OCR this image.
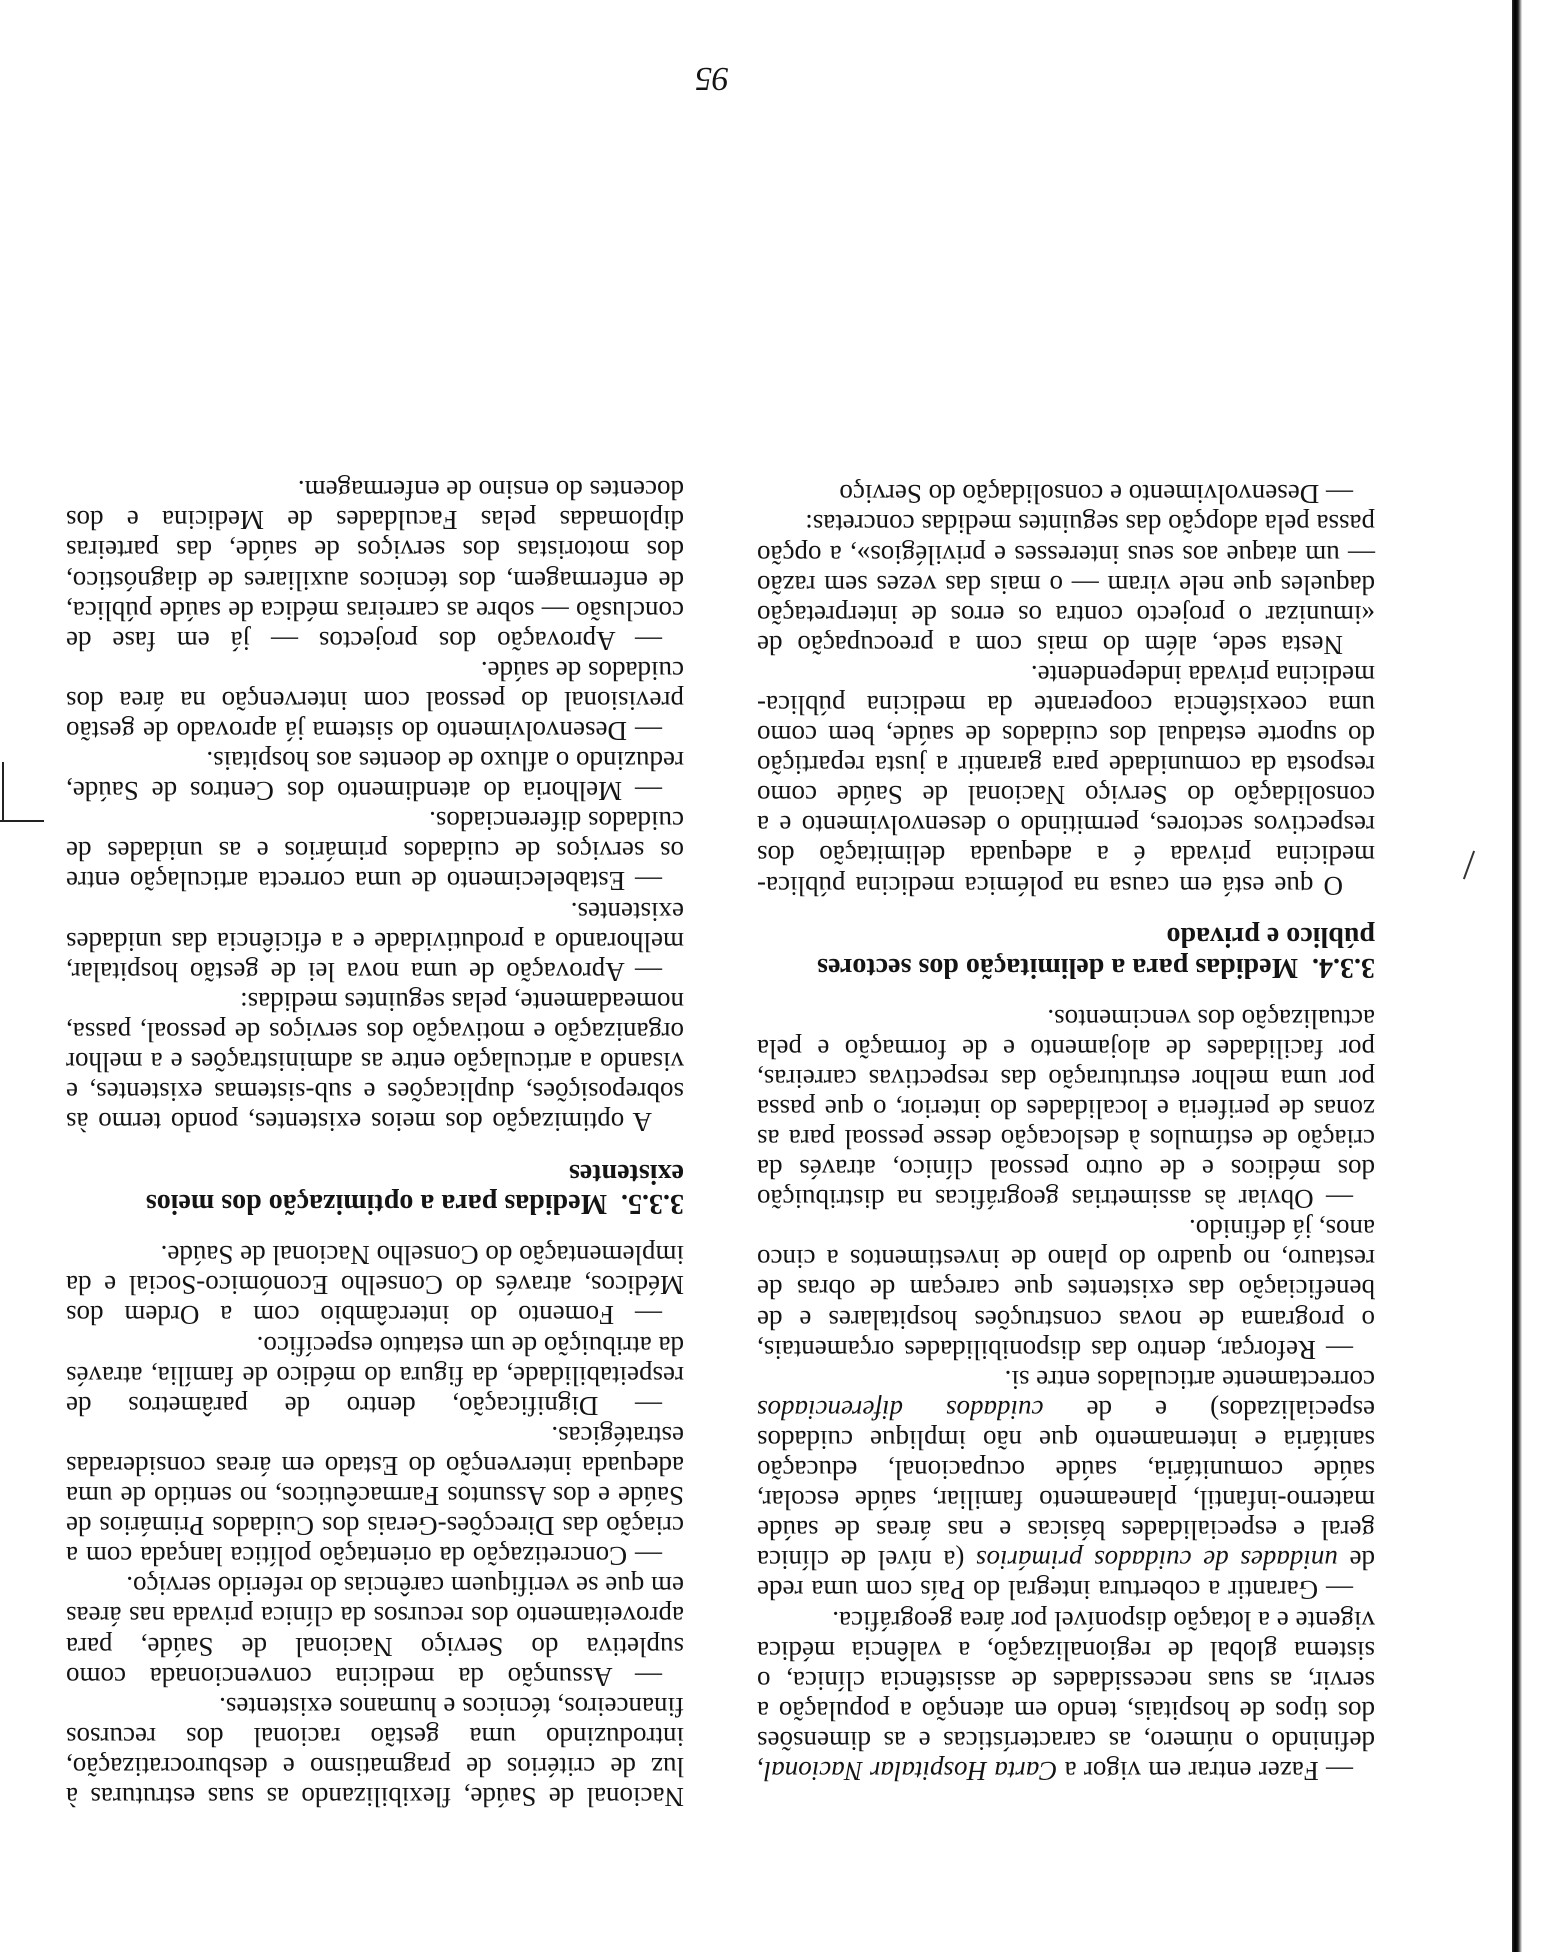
95

— Fazer entrar em vigor a Carta Hospitalar Nacional, definindo o número, as características e as dimensões dos tipos de hospitais, tendo em atenção a população a servir, as suas necessidades de assistência clínica, o sistema global de regionalização, a valência médica vigente e a lotação disponível por área geográfica.

— Garantir a cobertura integral do País com uma rede de unidades de cuidados primários (a nível de clínica geral e especialidades básicas e nas áreas de saúde materno-infantil, planeamento familiar, saúde escolar, saúde comunitária, saúde ocupacional, educação sanitária e internamento que não implique cuidados especializados) e de cuidados diferenciados correctamente articulados entre si.

— Reforçar, dentro das disponibilidades orçamentais, o programa de novas construções hospitalares e de beneficiação das existentes que careçam de obras de restauro, no quadro do plano de investimentos a cinco anos, já definido.

— Obviar às assimetrias geográficas na distribuição dos médicos e de outro pessoal clínico, através da criação de estímulos à deslocação desse pessoal para as zonas de periferia e localidades do interior, o que passa por uma melhor estruturação das respectivas carreiras, por facilidades de alojamento e de formação e pela actualização dos vencimentos.

3.3.4.Medidas para a delimitação dos sectores público e privado

O que está em causa na polémica medicina pública-medicina privada é a adequada delimitação dos respectivos sectores, permitindo o desenvolvimento e a consolidação do Serviço Nacional de Saúde como resposta da comunidade para garantir a justa repartição do suporte estadual dos cuidados de saúde, bem como uma coexistência cooperante da medicina pública-medicina privada independente.

Nesta sede, além do mais com a preocupação de «imunizar o projecto contra os erros de interpretação daqueles que nele viram — o mais das vezes sem razão — um ataque aos seus interesses e privilégios», a opção passa pela adopção das seguintes medidas concretas:

— Desenvolvimento e consolidação do Serviço

Nacional de Saúde, flexibilizando as suas estruturas à luz de critérios de pragmatismo e desburocratização, introduzindo uma gestão racional dos recursos financeiros, técnicos e humanos existentes.

— Assunção da medicina convencionada como supletiva do Serviço Nacional de Saúde, para aproveitamento dos recursos da clínica privada nas áreas em que se verifiquem carências do referido serviço.

— Concretização da orientação política lançada com a criação das Direcções-Gerais dos Cuidados Primários de Saúde e dos Assuntos Farmacêuticos, no sentido de uma adequada intervenção do Estado em áreas consideradas estratégicas.

— Dignificação, dentro de parâmetros de respeitabilidade, da figura do médico de família, através da atribuição de um estatuto específico.

— Fomento do intercâmbio com a Ordem dos Médicos, através do Conselho Económico-Social e da implementação do Conselho Nacional de Saúde.

3.3.5.Medidas para a optimização dos meios existentes

A optimização dos meios existentes, pondo termo às sobreposições, duplicações e sub-sistemas existentes, e visando a articulação entre as administrações e a melhor organização e motivação dos serviços de pessoal, passa, nomeadamente, pelas seguintes medidas:

— Aprovação de uma nova lei de gestão hospitalar, melhorando a produtividade e a eficiência das unidades existentes.

— Estabelecimento de uma correcta articulação entre os serviços de cuidados primários e as unidades de cuidados diferenciados.

— Melhoria do atendimento dos Centros de Saúde, reduzindo o afluxo de doentes aos hospitais.

— Desenvolvimento do sistema já aprovado de gestão previsional do pessoal com intervenção na área dos cuidados de saúde.

— Aprovação dos projectos — já em fase de conclusão — sobre as carreiras médica de saúde pública, de enfermagem, dos técnicos auxiliares de diagnóstico, dos motoristas dos serviços de saúde, das parteiras diplomadas pelas Faculdades de Medicina e dos docentes do ensino de enfermagem.
